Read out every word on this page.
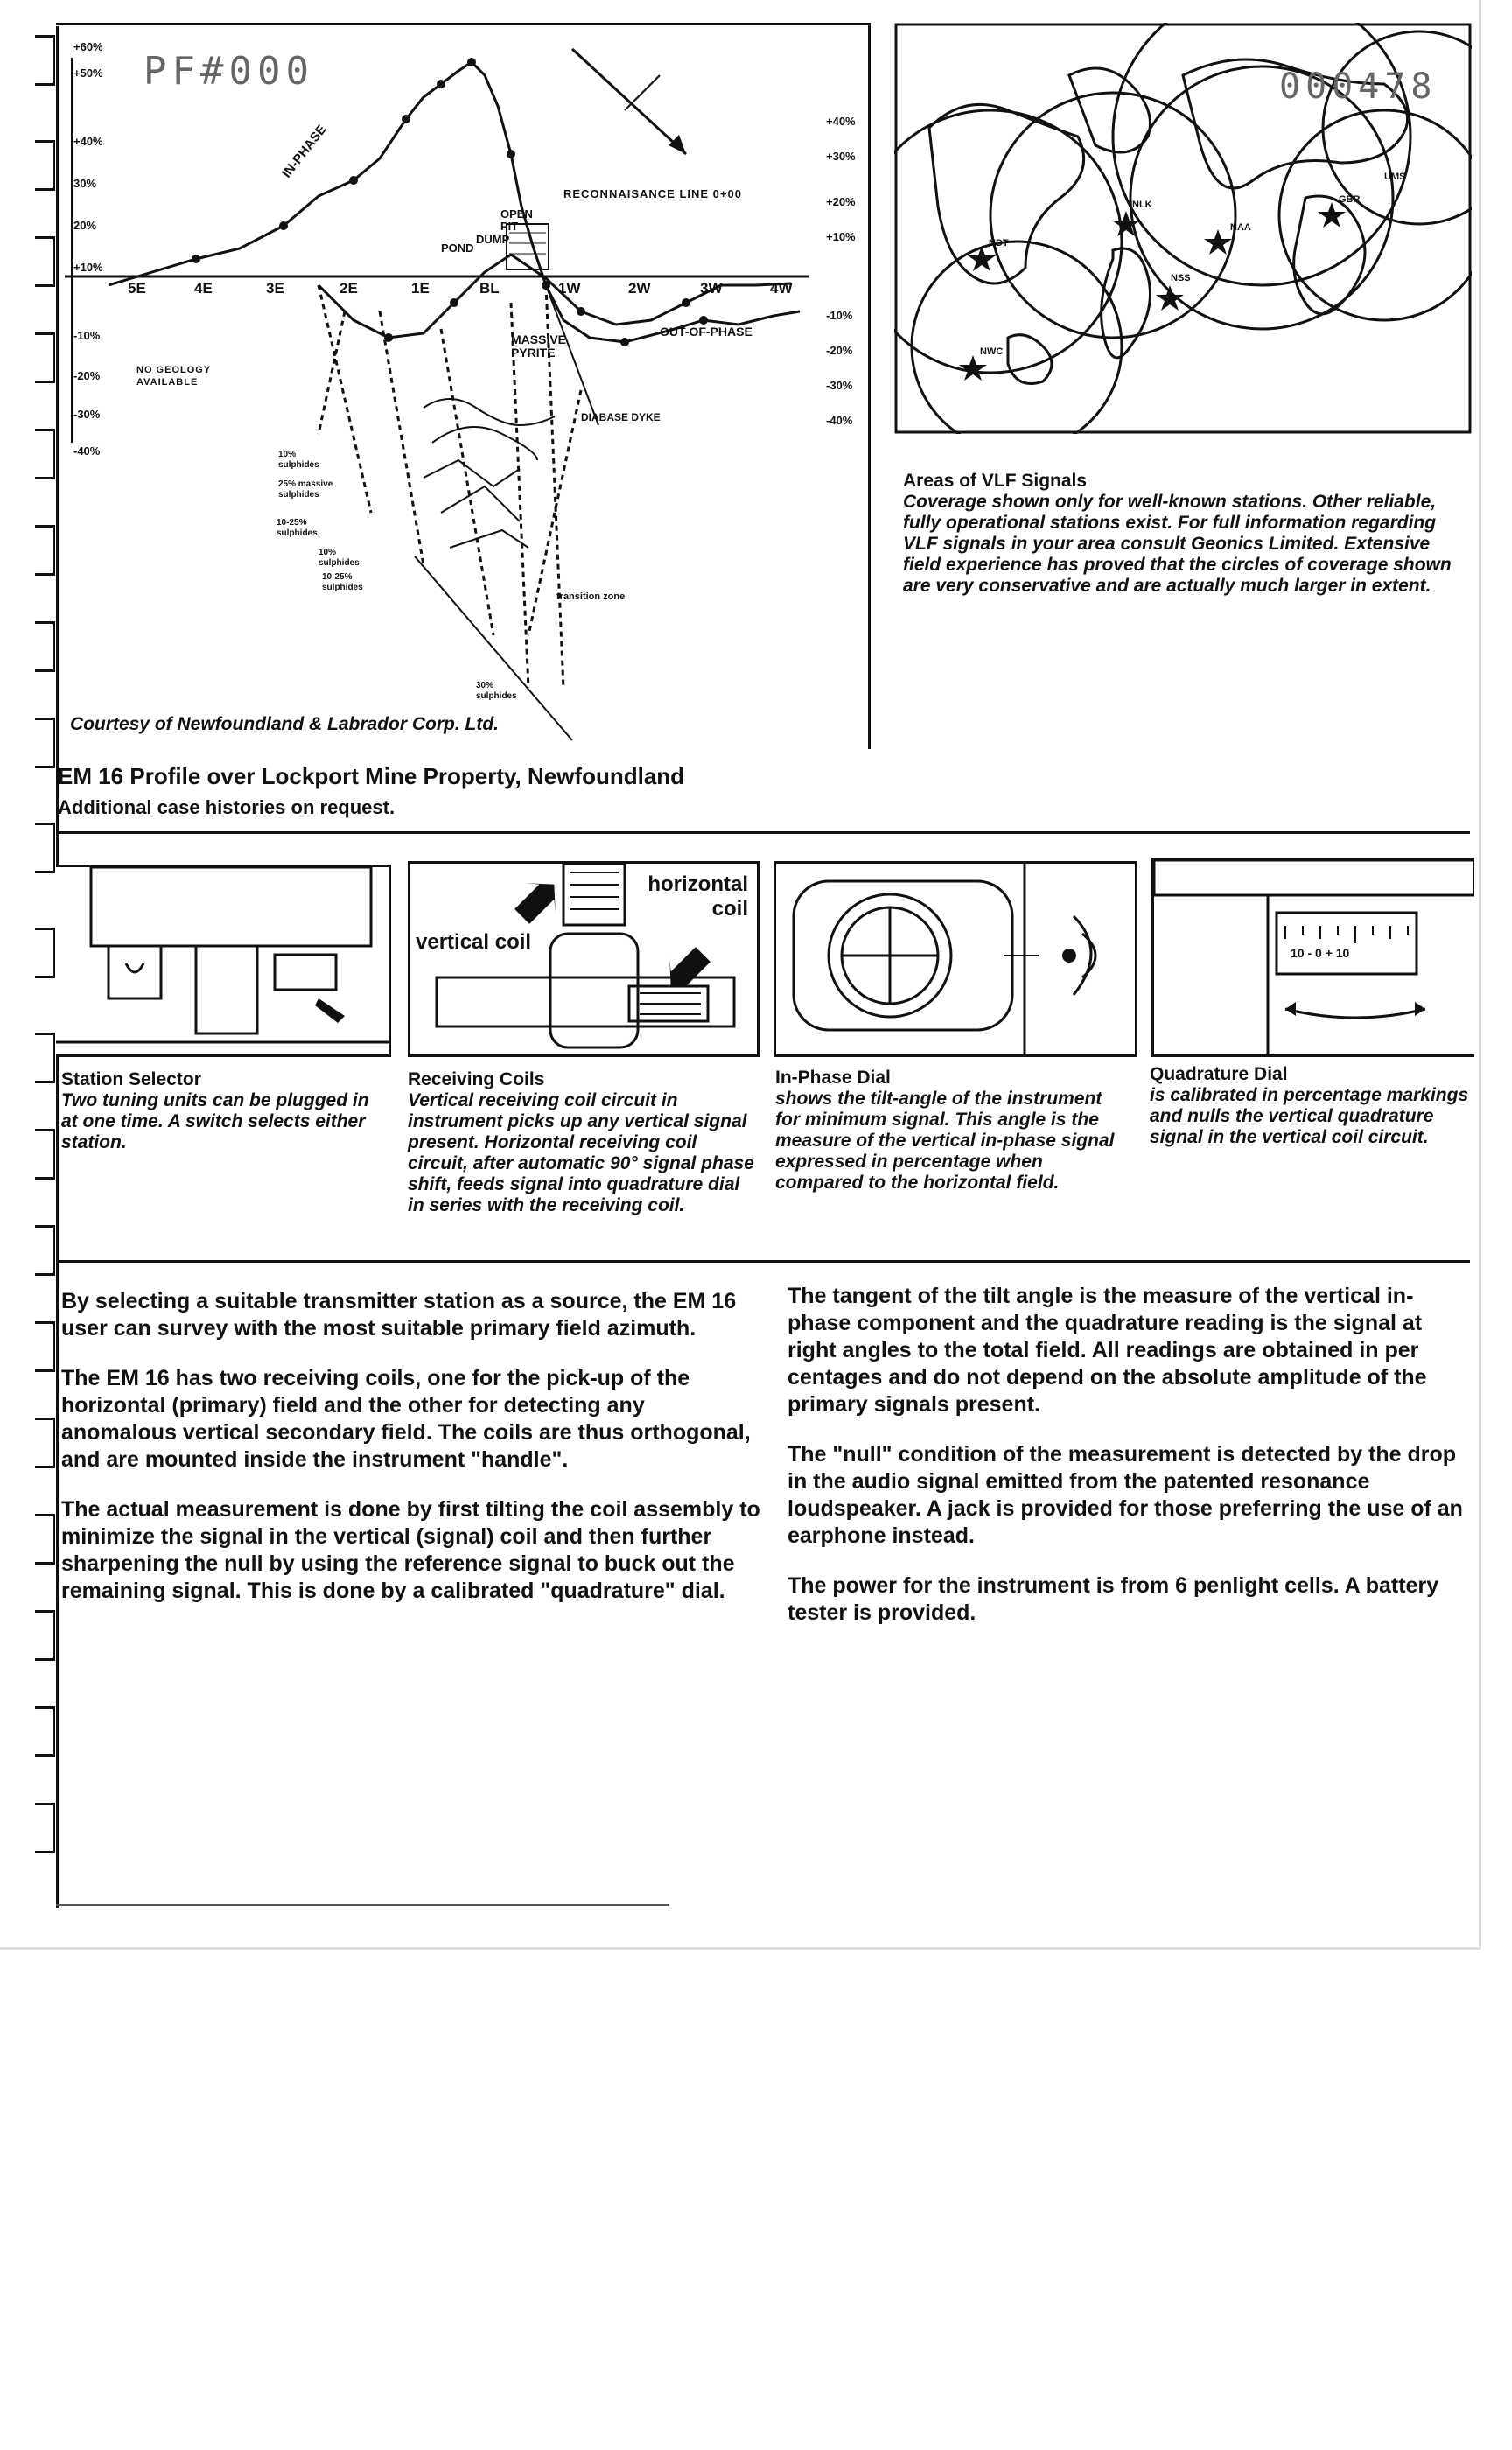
PF#000
+60%
+50%
+40%
30%
20%
+10%
-10%
-20%
-30%
-40%
+40%
+30%
+20%
+10%
-10%
-20%
-30%
-40%
5E	4E	3E	2E	1E	BL	1W	2W	3W	4W
IN-PHASE
OUT-OF-PHASE
RECONNAISANCE LINE 0+00
OPEN PIT
POND
DUMP
MASSIVE PYRITE
DIABASE DYKE
NO GEOLOGY AVAILABLE
transition zone
10% sulphides
25% massive sulphides
10-25% sulphides
10% sulphides
10-25% sulphides
30% sulphides
Courtesy of Newfoundland & Labrador Corp. Ltd.
000478
NDT
NLK
NAA
GBR
NSS
NWC
UMS
Areas of VLF Signals
Coverage shown only for well-known stations. Other reliable, fully operational stations exist. For full information regarding VLF signals in your area consult Geonics Limited. Extensive field experience has proved that the circles of coverage shown are very conservative and are actually much larger in extent.
EM 16 Profile over Lockport Mine Property, Newfoundland
Additional case histories on request.
vertical coil
horizontal
coil
10 - 0 + 10
Station Selector
Two tuning units can be plugged in at one time. A switch selects either station.
Receiving Coils
Vertical receiving coil circuit in instrument picks up any vertical signal present. Horizontal receiving coil circuit, after automatic 90° signal phase shift, feeds signal into quadrature dial in series with the receiving coil.
In-Phase Dial
shows the tilt-angle of the instrument for minimum signal. This angle is the measure of the vertical in-phase signal expressed in percentage when compared to the horizontal field.
Quadrature Dial
is calibrated in percentage markings and nulls the vertical quadrature signal in the vertical coil circuit.

By selecting a suitable transmitter station as a source, the EM 16 user can survey with the most suitable primary field azimuth.

The EM 16 has two receiving coils, one for the pick-up of the horizontal (primary) field and the other for detecting any anomalous vertical secondary field. The coils are thus orthogonal, and are mounted inside the instrument "handle".

The actual measurement is done by first tilting the coil assembly to minimize the signal in the vertical (signal) coil and then further sharpening the null by using the reference signal to buck out the remaining signal. This is done by a calibrated "quadrature" dial.

The tangent of the tilt angle is the measure of the vertical in-phase component and the quadrature reading is the signal at right angles to the total field. All readings are obtained in per centages and do not depend on the absolute amplitude of the primary signals present.

The "null" condition of the measurement is detected by the drop in the audio signal emitted from the patented resonance loudspeaker. A jack is provided for those preferring the use of an earphone instead.

The power for the instrument is from 6 penlight cells. A battery tester is provided.
